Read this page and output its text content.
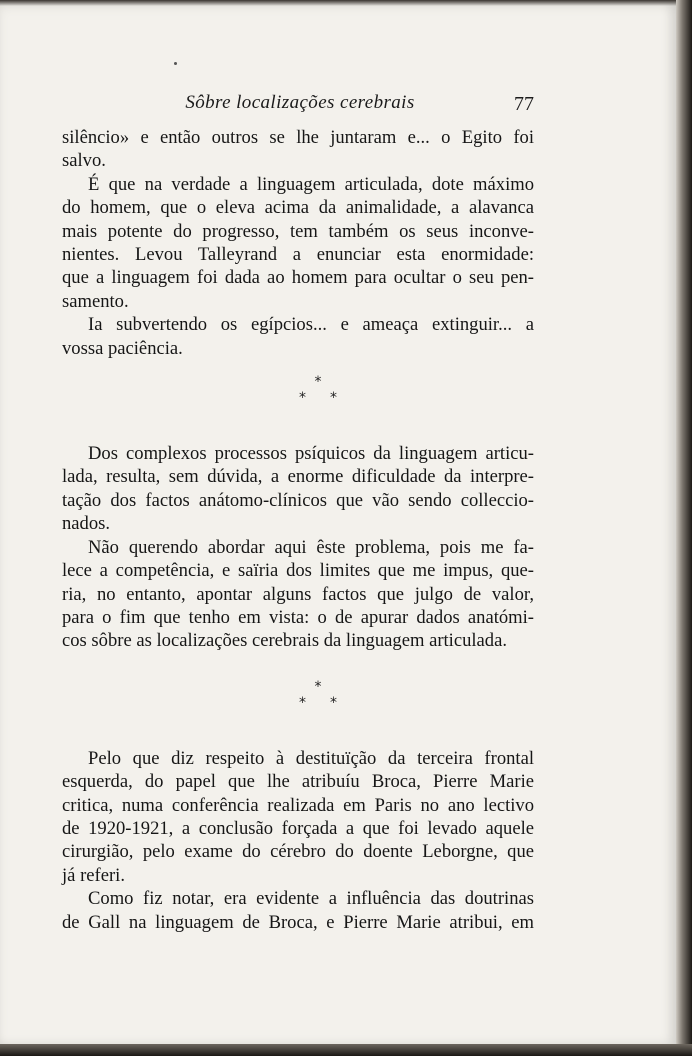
Sôbre localizações cerebrais	77

silêncio» e então outros se lhe juntaram e... o Egito foi
salvo.

É que na verdade a linguagem articulada, dote máximo
do homem, que o eleva acima da animalidade, a alavanca
mais potente do progresso, tem também os seus inconve-
nientes. Levou Talleyrand a enunciar esta enormidade:
que a linguagem foi dada ao homem para ocultar o seu pen-
samento.

Ia subvertendo os egípcios... e ameaça extinguir... a
vossa paciência.

*
* *

Dos complexos processos psíquicos da linguagem articu-
lada, resulta, sem dúvida, a enorme dificuldade da interpre-
tação dos factos anátomo-clínicos que vão sendo colleccio-
nados.

Não querendo abordar aqui êste problema, pois me fa-
lece a competência, e saïria dos limites que me impus, que-
ria, no entanto, apontar alguns factos que julgo de valor,
para o fim que tenho em vista: o de apurar dados anatómi-
cos sôbre as localizações cerebrais da linguagem articulada.

*
* *

Pelo que diz respeito à destituïção da terceira frontal
esquerda, do papel que lhe atribuíu Broca, Pierre Marie
critica, numa conferência realizada em Paris no ano lectivo
de 1920-1921, a conclusão forçada a que foi levado aquele
cirurgião, pelo exame do cérebro do doente Leborgne, que
já referi.

Como fiz notar, era evidente a influência das doutrinas
de Gall na linguagem de Broca, e Pierre Marie atribui, em
